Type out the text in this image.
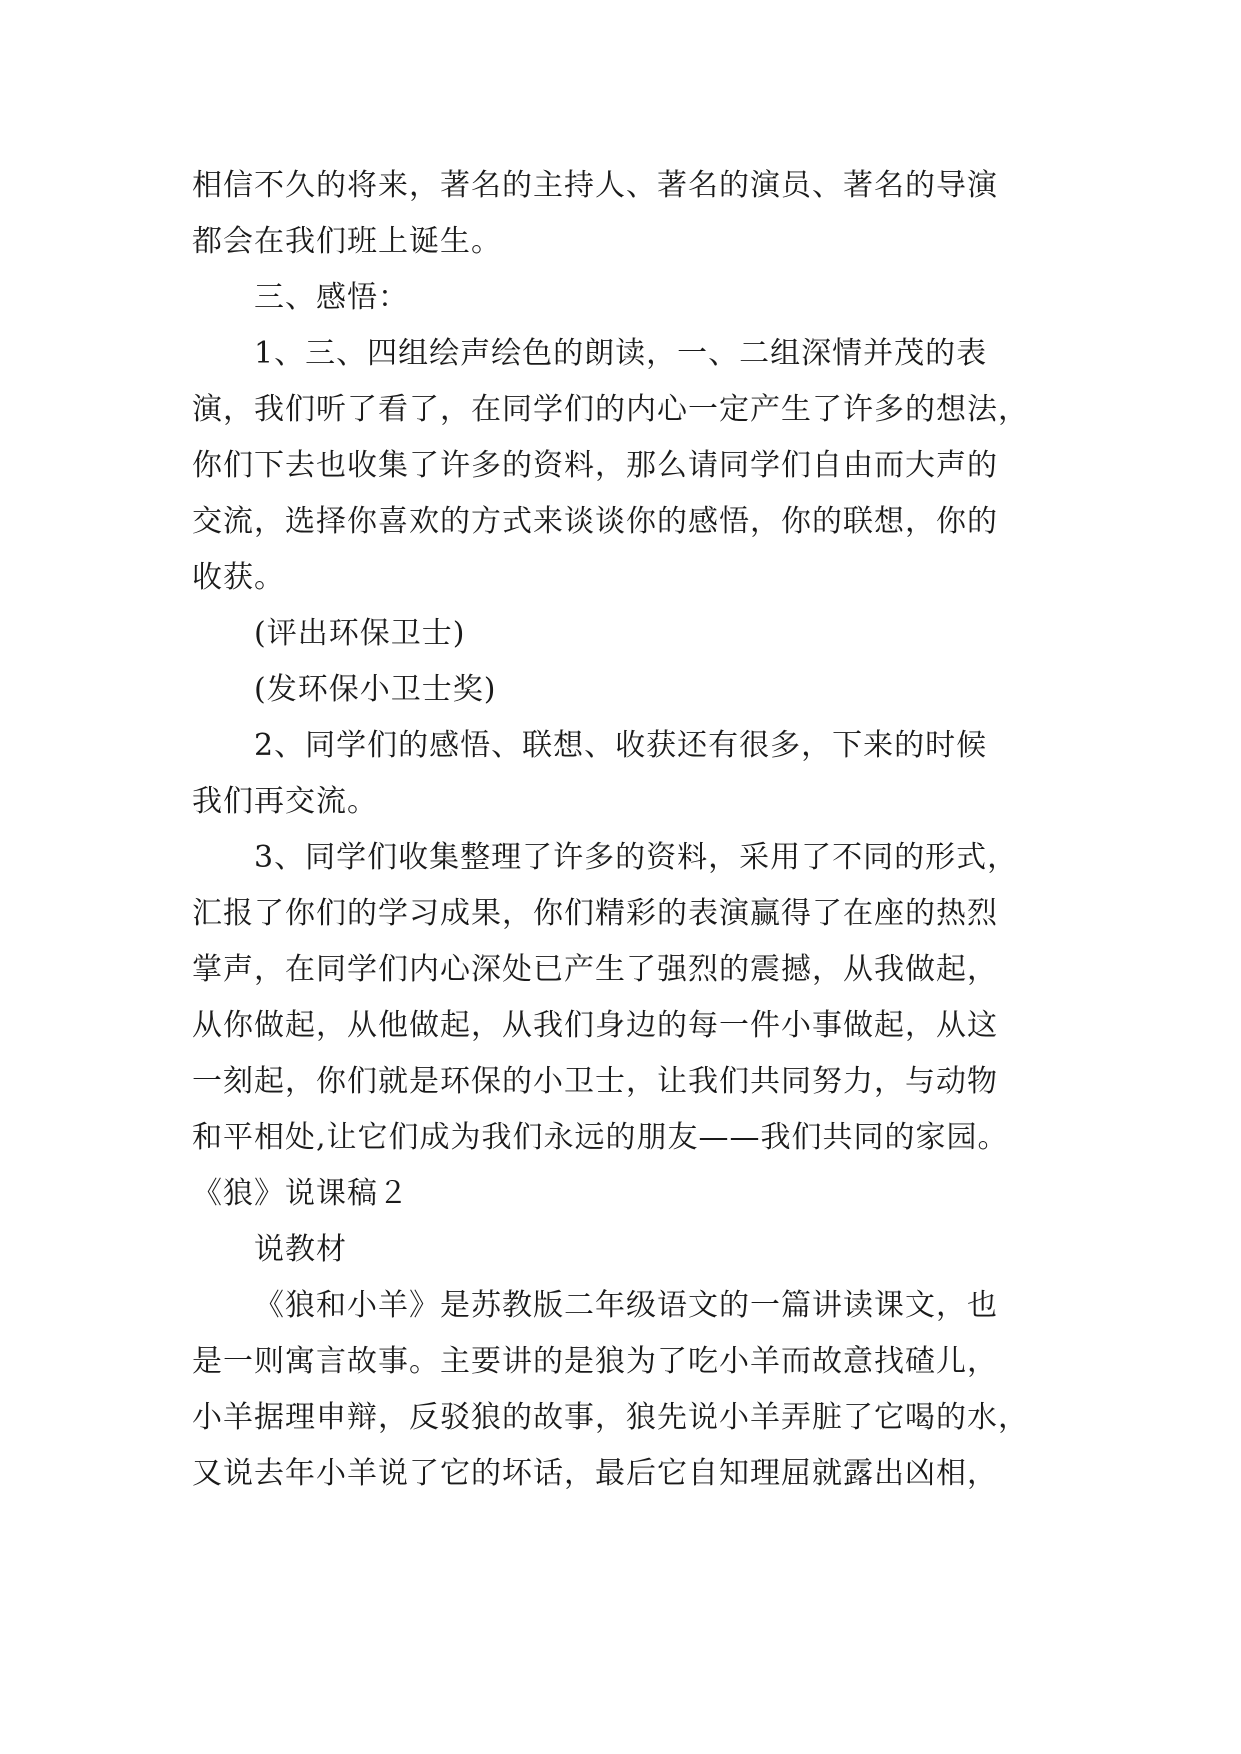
相信不久的将来，著名的主持人、著名的演员、著名的导演
都会在我们班上诞生。
三、感悟：
1、三、四组绘声绘色的朗读，一、二组深情并茂的表
演，我们听了看了，在同学们的内心一定产生了许多的想法，
你们下去也收集了许多的资料，那么请同学们自由而大声的
交流，选择你喜欢的方式来谈谈你的感悟，你的联想，你的
收获。
(评出环保卫士)
(发环保小卫士奖)
2、同学们的感悟、联想、收获还有很多，下来的时候
我们再交流。
3、同学们收集整理了许多的资料，采用了不同的形式，
汇报了你们的学习成果，你们精彩的表演赢得了在座的热烈
掌声，在同学们内心深处已产生了强烈的震撼，从我做起，
从你做起，从他做起，从我们身边的每一件小事做起，从这
一刻起，你们就是环保的小卫士，让我们共同努力，与动物
和平相处,让它们成为我们永远的朋友——我们共同的家园。
《狼》说课稿２
说教材
《狼和小羊》是苏教版二年级语文的一篇讲读课文，也
是一则寓言故事。主要讲的是狼为了吃小羊而故意找碴儿，
小羊据理申辩，反驳狼的故事，狼先说小羊弄脏了它喝的水，
又说去年小羊说了它的坏话，最后它自知理屈就露出凶相，
